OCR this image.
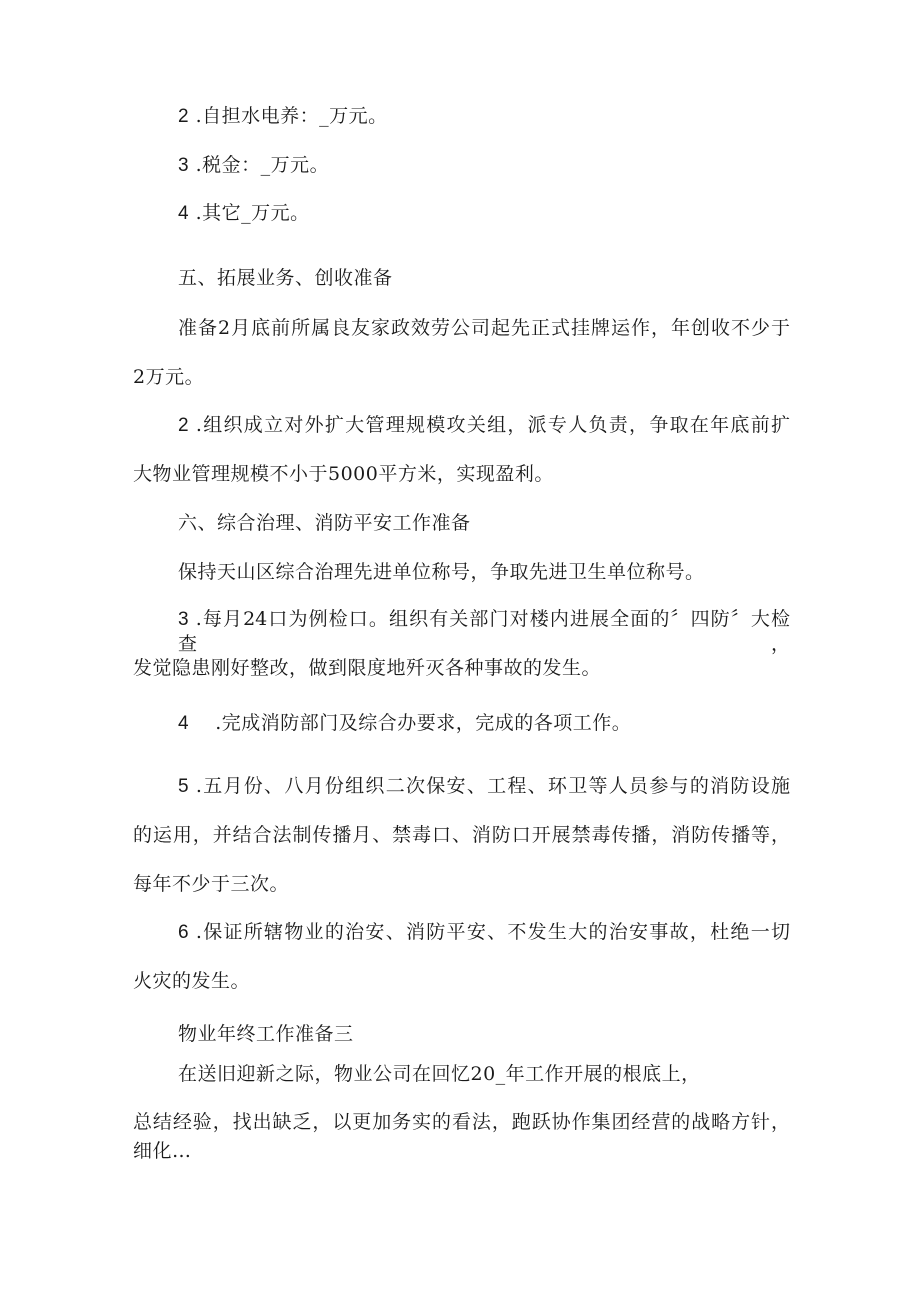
2 .自担水电养：_万元。
3 .税金：_万元。
4 .其它_万元。
五、拓展业务、创收准备
准备2月底前所属良友家政效劳公司起先正式挂牌运作，年创收不少于
2万元。
2 .组织成立对外扩大管理规模攻关组，派专人负责，争取在年底前扩
大物业管理规模不小于5000平方米，实现盈利。
六、综合治理、消防平安工作准备
保持天山区综合治理先进单位称号，争取先进卫生单位称号。
3 .每月24口为例检口。组织有关部门对楼内进展全面的〞四防〞大检查，
发觉隐患刚好整改，做到限度地歼灭各种事故的发生。
4    .完成消防部门及综合办要求，完成的各项工作。
5 .五月份、八月份组织二次保安、工程、环卫等人员参与的消防设施
的运用，并结合法制传播月、禁毒口、消防口开展禁毒传播，消防传播等，
每年不少于三次。
6 .保证所辖物业的治安、消防平安、不发生大的治安事故，杜绝一切
火灾的发生。
物业年终工作准备三
在送旧迎新之际，物业公司在回忆20_年工作开展的根底上，
总结经验，找出缺乏，以更加务实的看法，跑跃协作集团经营的战略方针，
细化…
